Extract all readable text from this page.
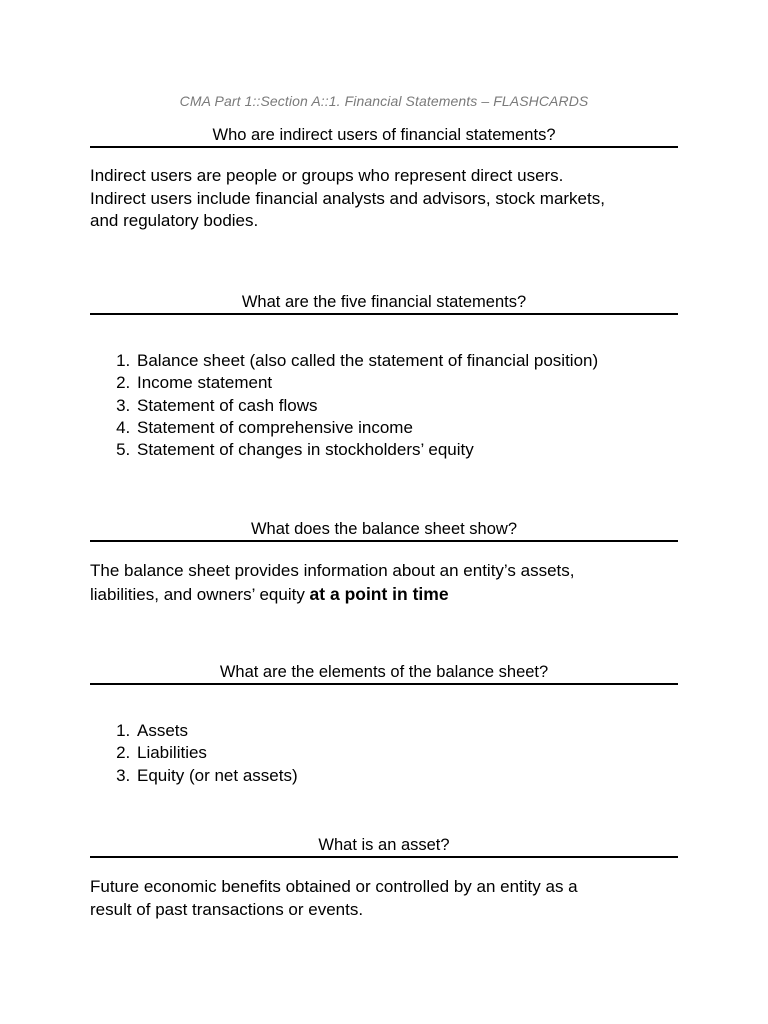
CMA Part 1::Section A::1. Financial Statements – FLASHCARDS
Who are indirect users of financial statements?

Indirect users are people or groups who represent direct users.

Indirect users include financial analysts and advisors, stock markets,

and regulatory bodies.

What are the five financial statements?
1. Balance sheet (also called the statement of financial position)
2. Income statement
3. Statement of cash flows
4. Statement of comprehensive income
5. Statement of changes in stockholders’ equity
What does the balance sheet show?

The balance sheet provides information about an entity’s assets,

liabilities, and owners’ equity at a point in time

What are the elements of the balance sheet?
1. Assets
2. Liabilities
3. Equity (or net assets)
What is an asset?

Future economic benefits obtained or controlled by an entity as a

result of past transactions or events.
